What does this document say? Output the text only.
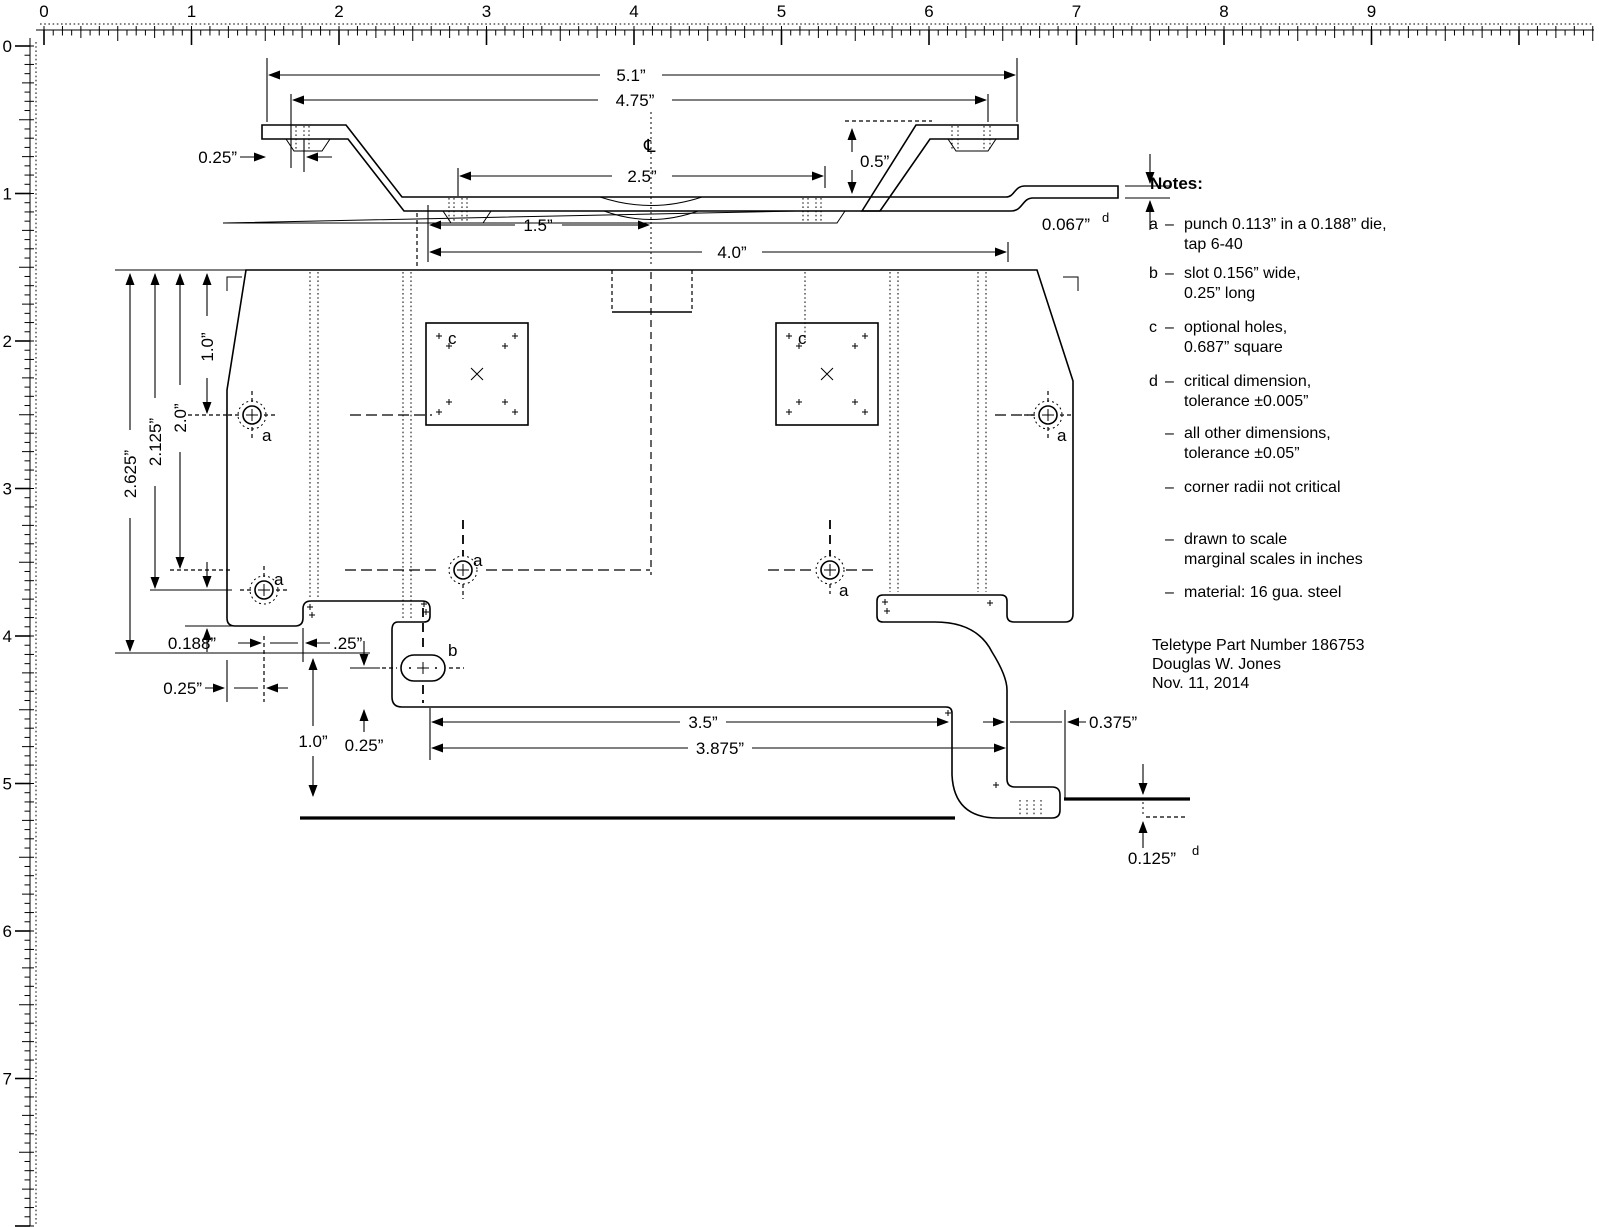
0	1	2	3	4	5	6	7	8	9
0
1
2
3
4
5
6
7
℄
5.1”
4.75”
0.25”
2.5”
0.5”
1.5”
4.0”
0.067” d
c	c
a	a
a
a
a
b
2.625”
2.125” 2.0”
1.0”
0.188”
0.25”
.25”
0.25”
1.0”
3.5”
3.875”
0.375”
0.125” d
Notes:
a – punch 0.113” in a 0.188” die,
tap 6-40
b – slot 0.156” wide,
0.25” long
c – optional holes,
0.687” square
d – critical dimension,
tolerance ±0.005”
– all other dimensions,
tolerance ±0.05”
– corner radii not critical
– drawn to scale
marginal scales in inches
– material: 16 gua. steel
Teletype Part Number 186753
Douglas W. Jones
Nov. 11, 2014
